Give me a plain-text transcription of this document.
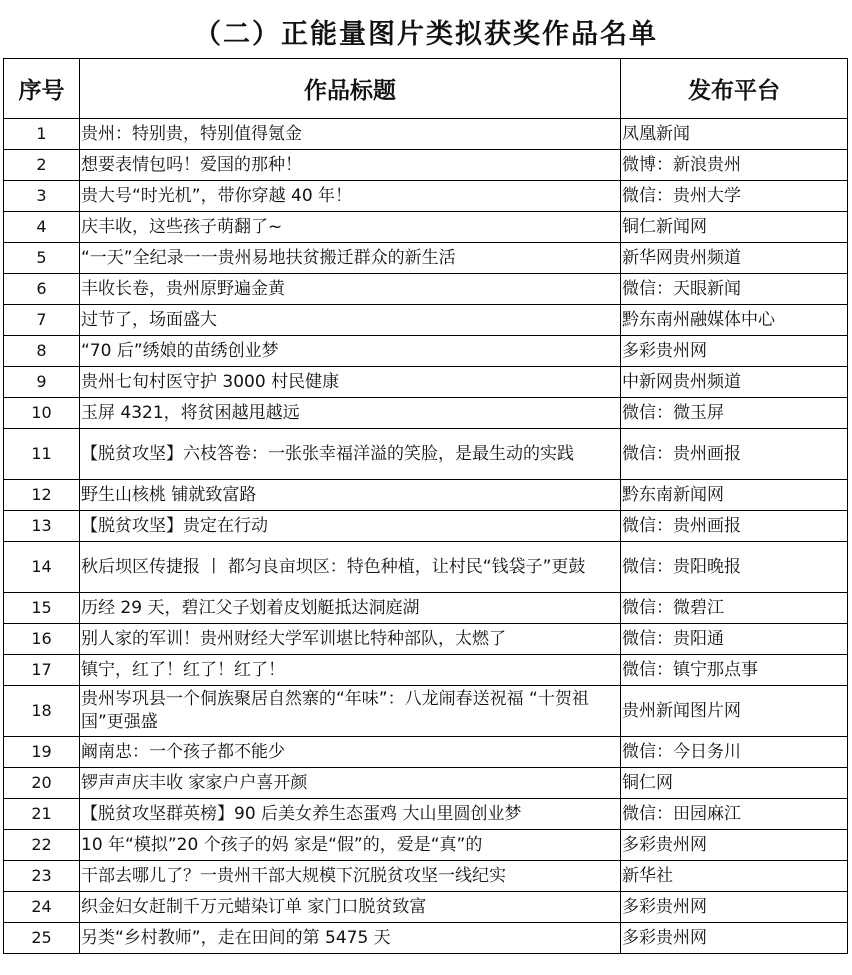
（二）正能量图片类拟获奖作品名单
序号	作品标题	发布平台
1	贵州：特别贵，特别值得氪金	凤凰新闻
2	想要表情包吗！爱国的那种！	微博：新浪贵州
3	贵大号“时光机”，带你穿越 40 年！	微信：贵州大学
4	庆丰收，这些孩子萌翻了~	铜仁新闻网
5	“一天”全纪录一一贵州易地扶贫搬迁群众的新生活	新华网贵州频道
6	丰收长卷，贵州原野遍金黄	微信：天眼新闻
7	过节了，场面盛大	黔东南州融媒体中心
8	“70 后”绣娘的苗绣创业梦	多彩贵州网
9	贵州七旬村医守护 3000 村民健康	中新网贵州频道
10	玉屏 4321，将贫困越甩越远	微信：微玉屏
11	【脱贫攻坚】六枝答卷：一张张幸福洋溢的笑脸，是最生动的实践	微信：贵州画报
12	野生山核桃 铺就致富路	黔东南新闻网
13	【脱贫攻坚】贵定在行动	微信：贵州画报
14	秋后坝区传捷报 丨 都匀良亩坝区：特色种植，让村民“钱袋子”更鼓	微信：贵阳晚报
15	历经 29 天，碧江父子划着皮划艇抵达洞庭湖	微信：微碧江
16	别人家的军训！贵州财经大学军训堪比特种部队，太燃了	微信：贵阳通
17	镇宁，红了！红了！红了！	微信：镇宁那点事
18	贵州岑巩县一个侗族聚居自然寨的“年味”：八龙闹春送祝福 “十贺祖国”更强盛	贵州新闻图片网
19	阚南忠：一个孩子都不能少	微信：今日务川
20	锣声声庆丰收 家家户户喜开颜	铜仁网
21	【脱贫攻坚群英榜】90 后美女养生态蛋鸡 大山里圆创业梦	微信：田园麻江
22	10 年“模拟”20 个孩子的妈 家是“假”的，爱是“真”的	多彩贵州网
23	干部去哪儿了？一贵州干部大规模下沉脱贫攻坚一线纪实	新华社
24	织金妇女赶制千万元蜡染订单 家门口脱贫致富	多彩贵州网
25	另类“乡村教师”，走在田间的第 5475 天	多彩贵州网
